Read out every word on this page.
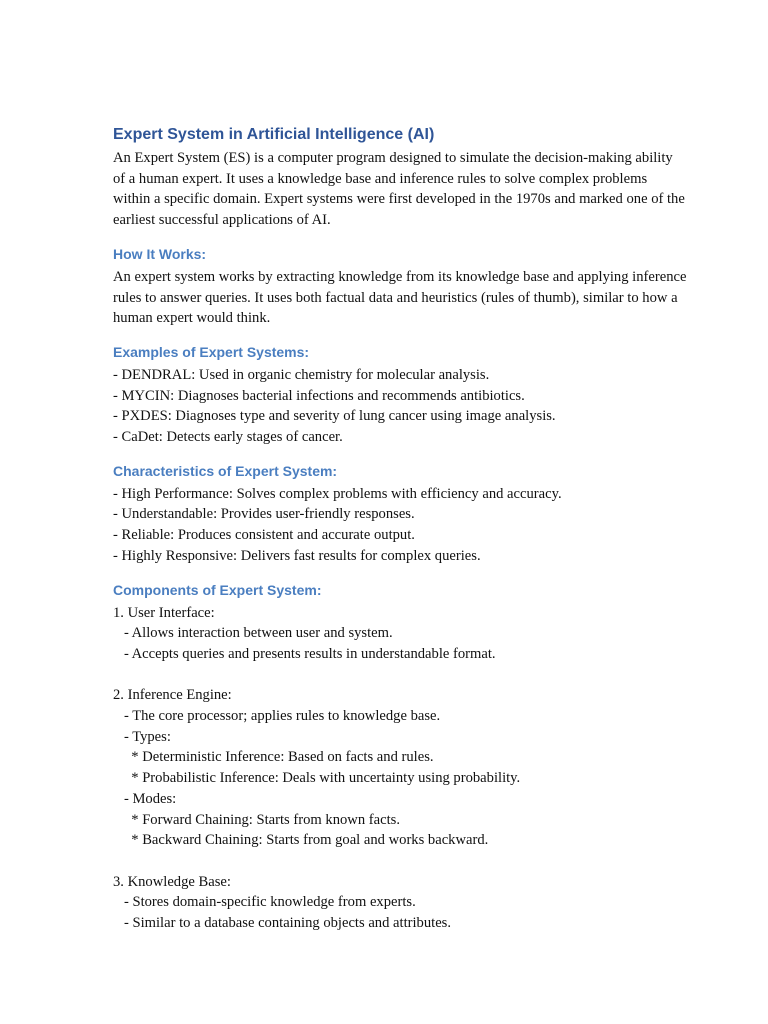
Expert System in Artificial Intelligence (AI)

An Expert System (ES) is a computer program designed to simulate the decision-making ability of a human expert. It uses a knowledge base and inference rules to solve complex problems within a specific domain. Expert systems were first developed in the 1970s and marked one of the earliest successful applications of AI.

How It Works:

An expert system works by extracting knowledge from its knowledge base and applying inference rules to answer queries. It uses both factual data and heuristics (rules of thumb), similar to how a human expert would think.

Examples of Expert Systems:
- DENDRAL: Used in organic chemistry for molecular analysis.
- MYCIN: Diagnoses bacterial infections and recommends antibiotics.
- PXDES: Diagnoses type and severity of lung cancer using image analysis.
- CaDet: Detects early stages of cancer.
Characteristics of Expert System:
- High Performance: Solves complex problems with efficiency and accuracy.
- Understandable: Provides user-friendly responses.
- Reliable: Produces consistent and accurate output.
- Highly Responsive: Delivers fast results for complex queries.
Components of Expert System:
1. User Interface:
- Allows interaction between user and system.
- Accepts queries and presents results in understandable format.
2. Inference Engine:
- The core processor; applies rules to knowledge base.
- Types:
* Deterministic Inference: Based on facts and rules.
* Probabilistic Inference: Deals with uncertainty using probability.
- Modes:
* Forward Chaining: Starts from known facts.
* Backward Chaining: Starts from goal and works backward.
3. Knowledge Base:
- Stores domain-specific knowledge from experts.
- Similar to a database containing objects and attributes.
